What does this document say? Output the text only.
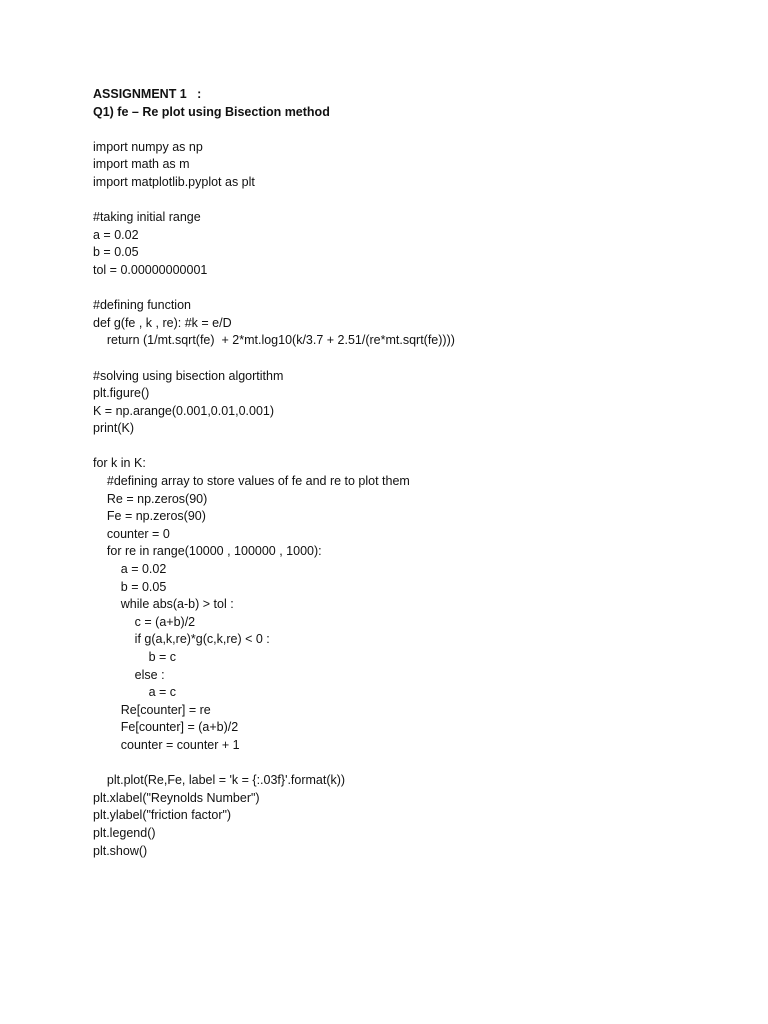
ASSIGNMENT 1   :
Q1) fe – Re plot using Bisection method
import numpy as np
import math as m
import matplotlib.pyplot as plt
#taking initial range
a = 0.02
b = 0.05
tol = 0.00000000001
#defining function
def g(fe , k , re): #k = e/D
return (1/mt.sqrt(fe)  + 2*mt.log10(k/3.7 + 2.51/(re*mt.sqrt(fe))))
#solving using bisection algortithm
plt.figure()
K = np.arange(0.001,0.01,0.001)
print(K)
for k in K:
#defining array to store values of fe and re to plot them
Re = np.zeros(90)
Fe = np.zeros(90)
counter = 0
for re in range(10000 , 100000 , 1000):
a = 0.02
b = 0.05
while abs(a-b) > tol :
c = (a+b)/2
if g(a,k,re)*g(c,k,re) < 0 :
b = c
else :
a = c
Re[counter] = re
Fe[counter] = (a+b)/2
counter = counter + 1
plt.plot(Re,Fe, label = 'k = {:.03f}'.format(k))
plt.xlabel("Reynolds Number")
plt.ylabel("friction factor")
plt.legend()
plt.show()
